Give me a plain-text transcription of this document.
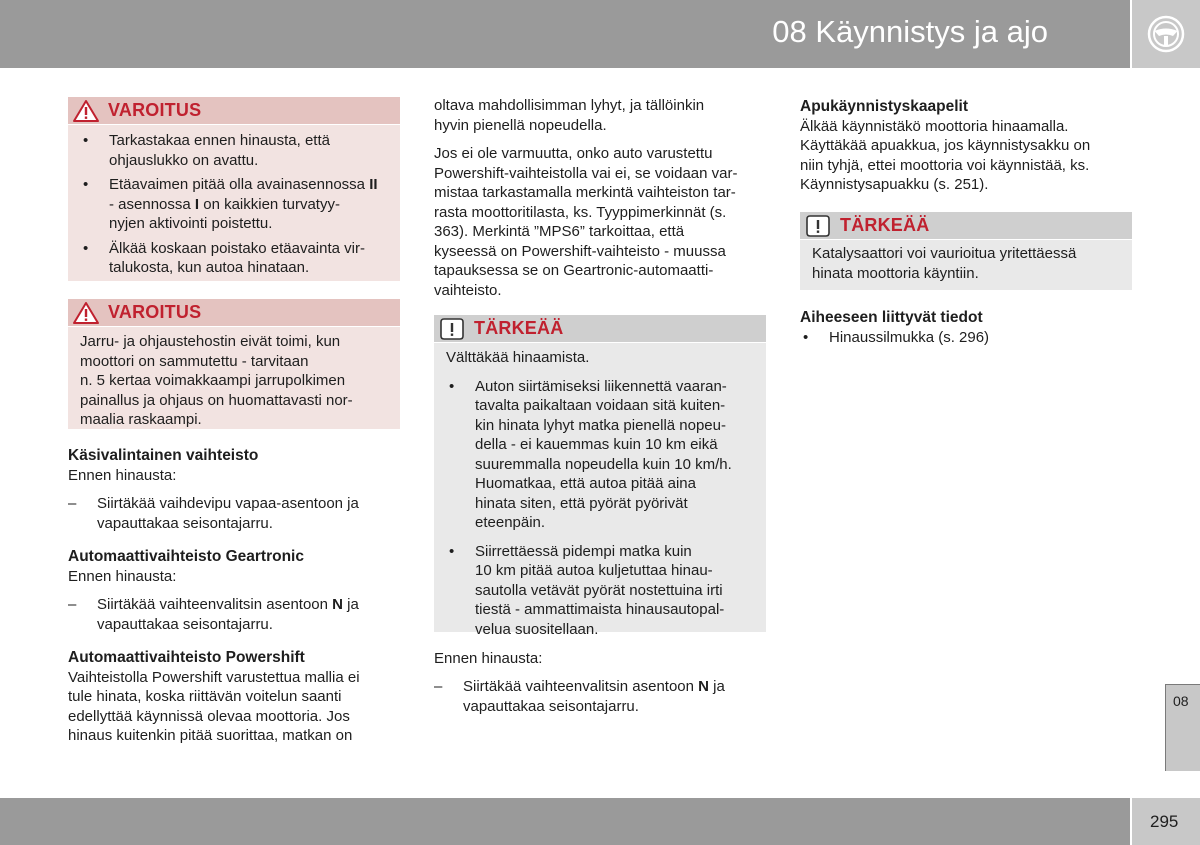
08 Käynnistys ja ajo
VAROITUS
• Tarkastakaa ennen hinausta, että
ohjauslukko on avattu.
• Etäavaimen pitää olla avainasennossa II - asennossa I on kaikkien turvatyy-
nyjen aktivointi poistettu.
• Älkää koskaan poistako etäavainta vir-
talukosta, kun autoa hinataan.
VAROITUS
Jarru- ja ohjaustehostin eivät toimi, kun
moottori on sammutettu - tarvitaan
n. 5 kertaa voimakkaampi jarrupolkimen
painallus ja ohjaus on huomattavasti nor-
maalia raskaampi.

Käsivalintainen vaihteisto

Ennen hinausta:

– Siirtäkää vaihdevipu vapaa-asentoon ja
vapauttakaa seisontajarru.

Automaattivaihteisto Geartronic

Ennen hinausta:

– Siirtäkää vaihteenvalitsin asentoon N ja
vapauttakaa seisontajarru.

Automaattivaihteisto Powershift

Vaihteistolla Powershift varustettua mallia ei
tule hinata, koska riittävän voitelun saanti
edellyttää käynnissä olevaa moottoria. Jos
hinaus kuitenkin pitää suorittaa, matkan on

oltava mahdollisimman lyhyt, ja tällöinkin
hyvin pienellä nopeudella.

Jos ei ole varmuutta, onko auto varustettu
Powershift-vaihteistolla vai ei, se voidaan var-
mistaa tarkastamalla merkintä vaihteiston tar-
rasta moottoritilasta, ks. Tyyppimerkinnät (s.
363). Merkintä ”MPS6” tarkoittaa, että
kyseessä on Powershift-vaihteisto - muussa
tapauksessa se on Geartronic-automaatti-
vaihteisto.

TÄRKEÄÄ

Välttäkää hinaamista.

• Auton siirtämiseksi liikennettä vaaran-
tavalta paikaltaan voidaan sitä kuiten-
kin hinata lyhyt matka pienellä nopeu-
della - ei kauemmas kuin 10 km eikä
suuremmalla nopeudella kuin 10 km/h.
Huomatkaa, että autoa pitää aina
hinata siten, että pyörät pyörivät
eteenpäin.
• Siirrettäessä pidempi matka kuin
10 km pitää autoa kuljetuttaa hinau-
sautolla vetävät pyörät nostettuina irti
tiestä - ammattimaista hinausautopal-
velua suositellaan.

Ennen hinausta:

– Siirtäkää vaihteenvalitsin asentoon N ja
vapauttakaa seisontajarru.

Apukäynnistyskaapelit

Älkää käynnistäkö moottoria hinaamalla.
Käyttäkää apuakkua, jos käynnistysakku on
niin tyhjä, ettei moottoria voi käynnistää, ks.
Käynnistysapuakku (s. 251).

TÄRKEÄÄ
Katalysaattori voi vaurioitua yritettäessä
hinata moottoria käyntiin.

Aiheeseen liittyvät tiedot

• Hinaussilmukka (s. 296)
08
295
